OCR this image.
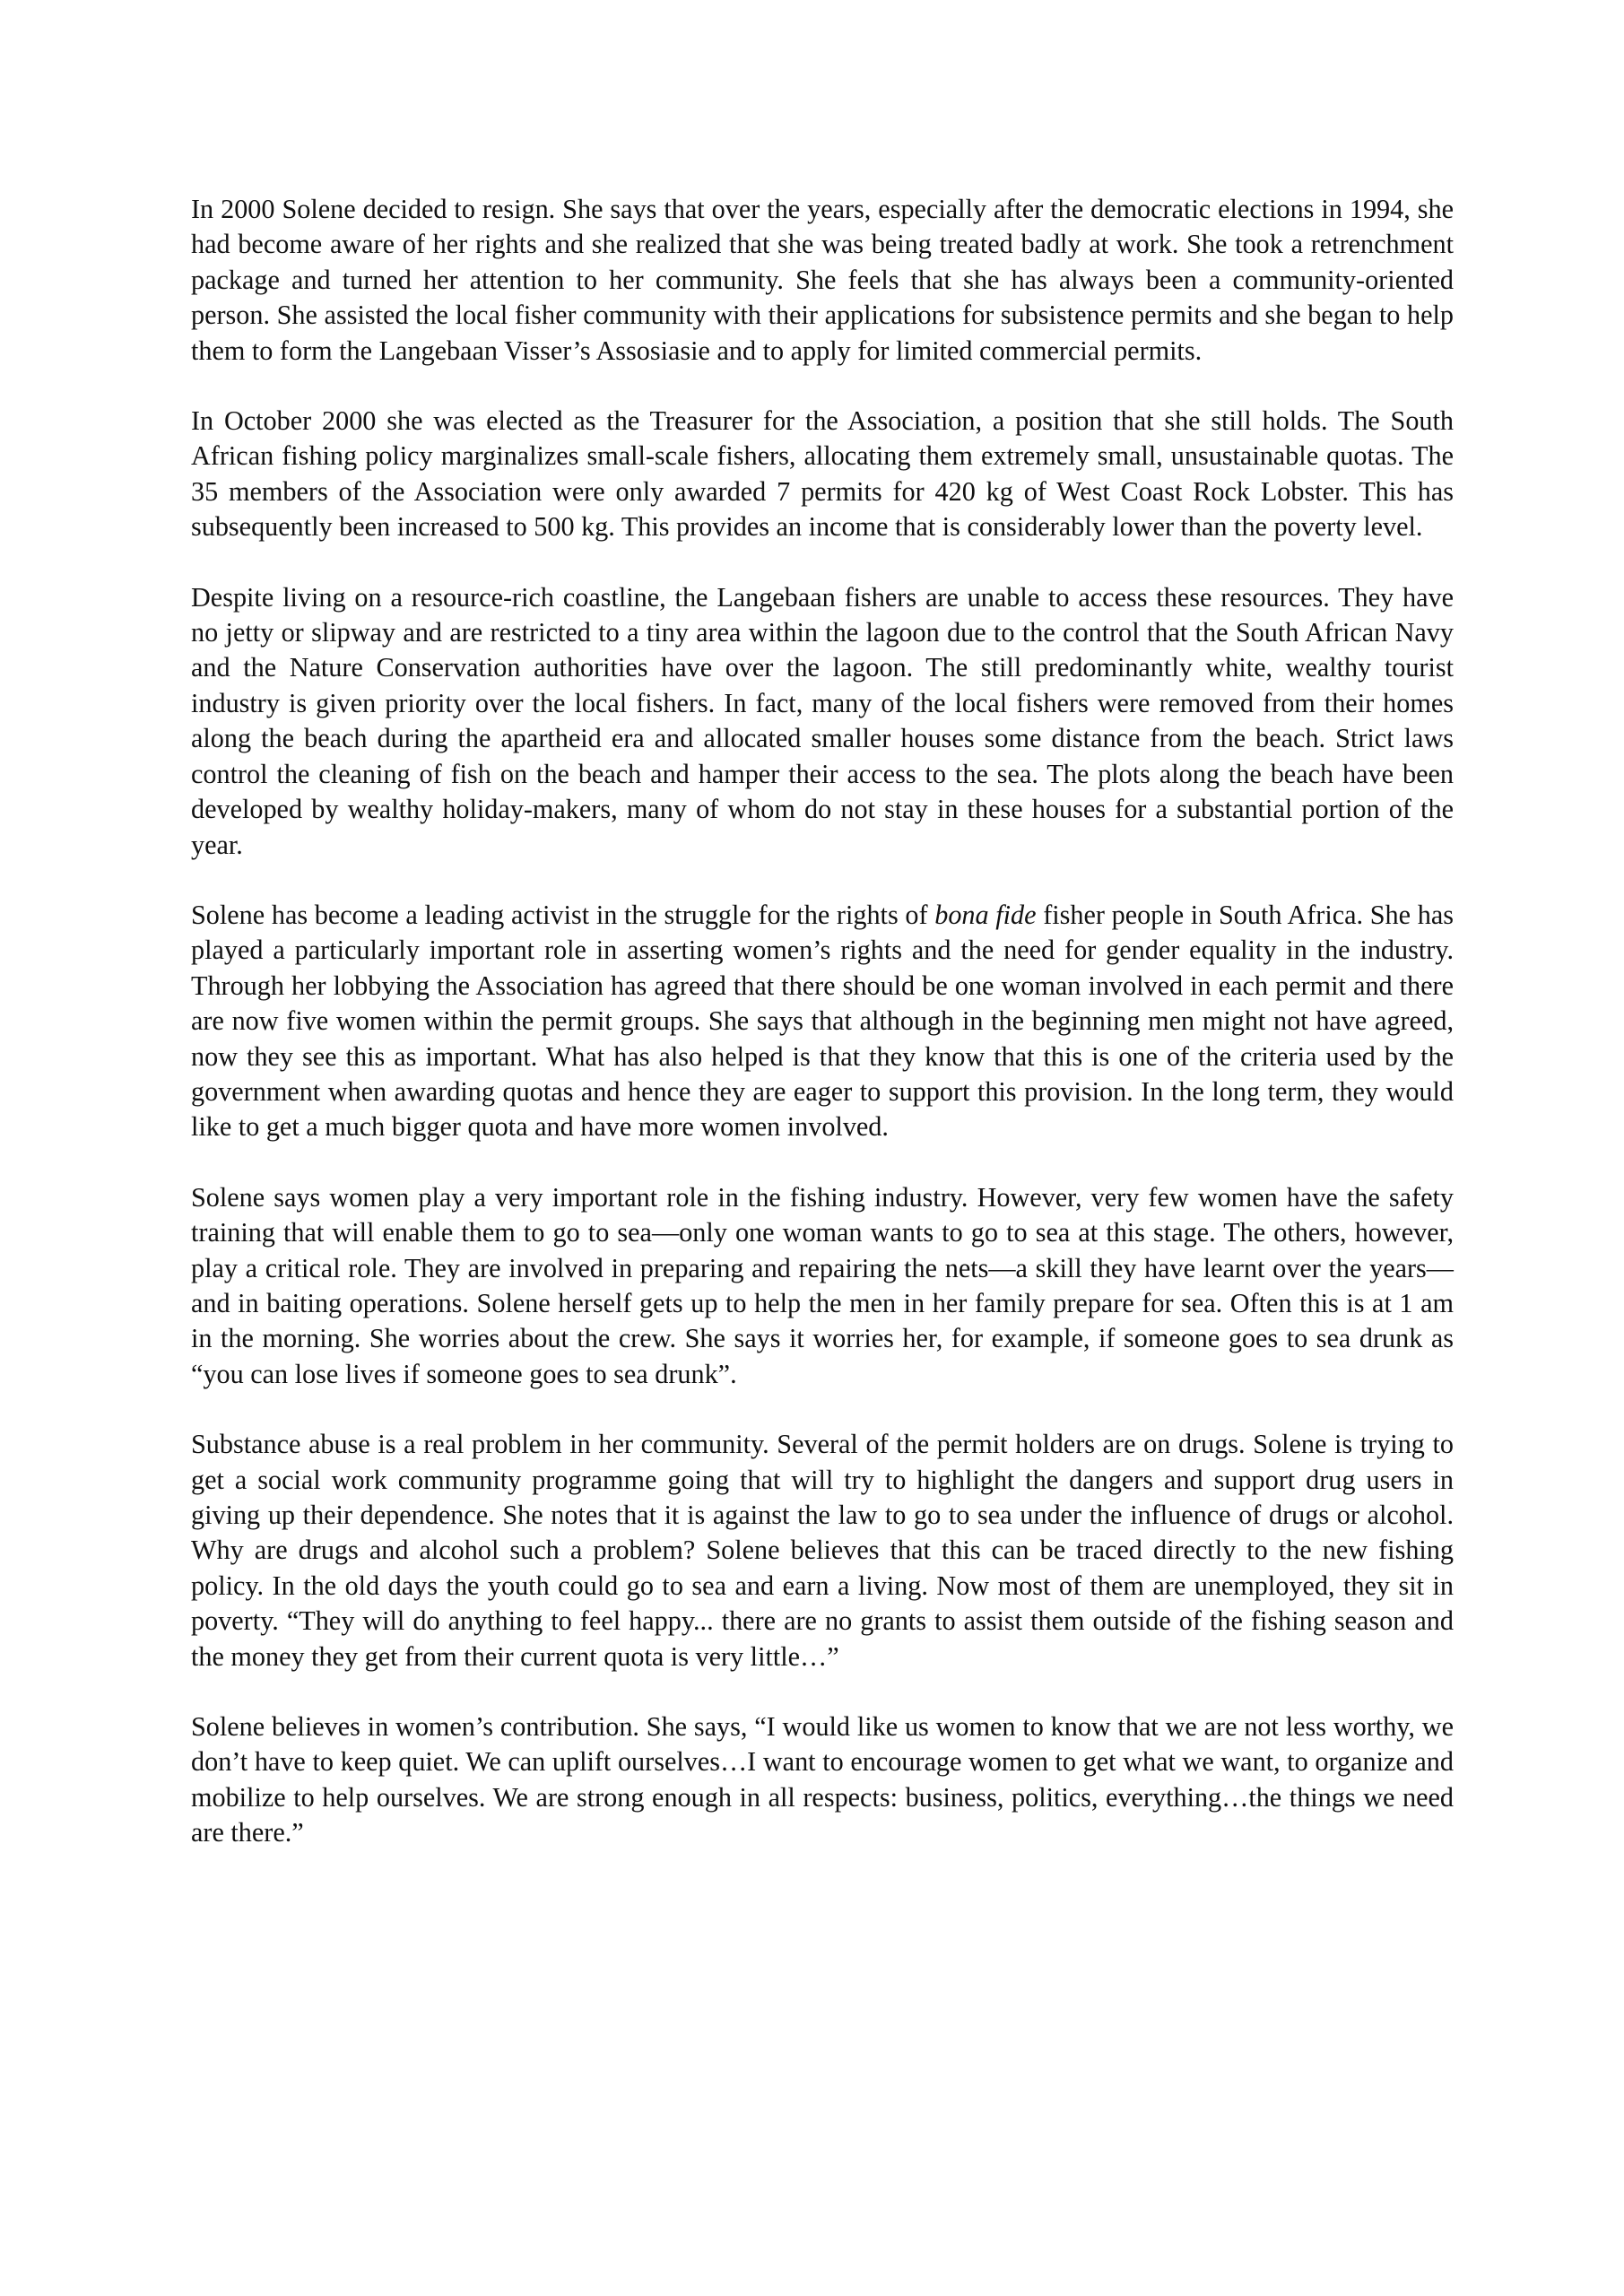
In 2000 Solene decided to resign. She says that over the years, especially after the democratic elections in 1994, she had become aware of her rights and she realized that she was being treated badly at work. She took a retrenchment package and turned her attention to her community. She feels that she has always been a community-oriented person. She assisted the local fisher community with their applications for subsistence permits and she began to help them to form the Langebaan Visser’s Assosiasie and to apply for limited commercial permits.

In October 2000 she was elected as the Treasurer for the Association, a position that she still holds. The South African fishing policy marginalizes small-scale fishers, allocating them extremely small, unsustainable quotas. The 35 members of the Association were only awarded 7 permits for 420 kg of West Coast Rock Lobster. This has subsequently been increased to 500 kg. This provides an income that is considerably lower than the poverty level.

Despite living on a resource-rich coastline, the Langebaan fishers are unable to access these resources. They have no jetty or slipway and are restricted to a tiny area within the lagoon due to the control that the South African Navy and the Nature Conservation authorities have over the lagoon. The still predominantly white, wealthy tourist industry is given priority over the local fishers. In fact, many of the local fishers were removed from their homes along the beach during the apartheid era and allocated smaller houses some distance from the beach. Strict laws control the cleaning of fish on the beach and hamper their access to the sea. The plots along the beach have been developed by wealthy holiday-makers, many of whom do not stay in these houses for a substantial portion of the year.

Solene has become a leading activist in the struggle for the rights of bona fide fisher people in South Africa. She has played a particularly important role in asserting women’s rights and the need for gender equality in the industry. Through her lobbying the Association has agreed that there should be one woman involved in each permit and there are now five women within the permit groups. She says that although in the beginning men might not have agreed, now they see this as important. What has also helped is that they know that this is one of the criteria used by the government when awarding quotas and hence they are eager to support this provision. In the long term, they would like to get a much bigger quota and have more women involved.

Solene says women play a very important role in the fishing industry. However, very few women have the safety training that will enable them to go to sea—only one woman wants to go to sea at this stage. The others, however, play a critical role. They are involved in preparing and repairing the nets—a skill they have learnt over the years—and in baiting operations. Solene herself gets up to help the men in her family prepare for sea. Often this is at 1 am in the morning. She worries about the crew. She says it worries her, for example, if someone goes to sea drunk as “you can lose lives if someone goes to sea drunk”.

Substance abuse is a real problem in her community. Several of the permit holders are on drugs. Solene is trying to get a social work community programme going that will try to highlight the dangers and support drug users in giving up their dependence. She notes that it is against the law to go to sea under the influence of drugs or alcohol. Why are drugs and alcohol such a problem? Solene believes that this can be traced directly to the new fishing policy. In the old days the youth could go to sea and earn a living. Now most of them are unemployed, they sit in poverty. “They will do anything to feel happy... there are no grants to assist them outside of the fishing season and the money they get from their current quota is very little…”

Solene believes in women’s contribution. She says, “I would like us women to know that we are not less worthy, we don’t have to keep quiet. We can uplift ourselves…I want to encourage women to get what we want, to organize and mobilize to help ourselves. We are strong enough in all respects: business, politics, everything…the things we need are there.”
